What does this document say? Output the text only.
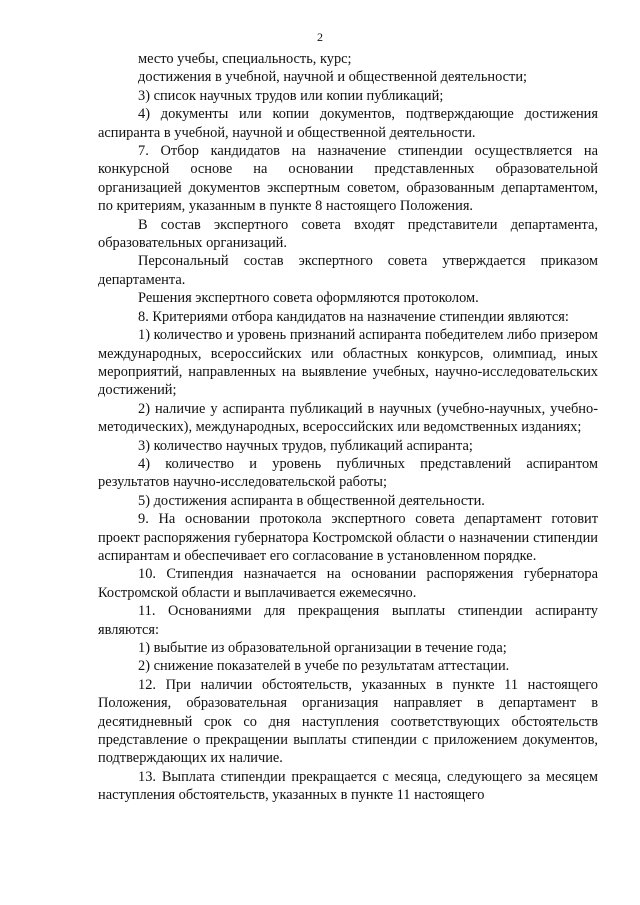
2

место учебы, специальность, курс;

достижения в учебной, научной и общественной деятельности;

3) список научных трудов или копии публикаций;

4) документы или копии документов, подтверждающие достижения аспиранта в учебной, научной и общественной деятельности.

7. Отбор кандидатов на назначение стипендии осуществляется на конкурсной основе на основании представленных образовательной организацией документов экспертным советом, образованным департаментом, по критериям, указанным в пункте 8 настоящего Положения.

В состав экспертного совета входят представители департамента, образовательных организаций.

Персональный состав экспертного совета утверждается приказом департамента.

Решения экспертного совета оформляются протоколом.

8. Критериями отбора кандидатов на назначение стипендии являются:

1) количество и уровень признаний аспиранта победителем либо призером международных, всероссийских или областных конкурсов, олимпиад, иных мероприятий, направленных на выявление учебных, научно-исследовательских достижений;

2) наличие у аспиранта публикаций в научных (учебно-научных, учебно-методических), международных, всероссийских или ведомственных изданиях;

3) количество научных трудов, публикаций аспиранта;

4) количество и уровень публичных представлений аспирантом результатов научно-исследовательской работы;

5) достижения аспиранта в общественной деятельности.

9. На основании протокола экспертного совета департамент готовит проект распоряжения губернатора Костромской области о назначении стипендии аспирантам и обеспечивает его согласование в установленном порядке.

10. Стипендия назначается на основании распоряжения губернатора Костромской области и выплачивается ежемесячно.

11. Основаниями для прекращения выплаты стипендии аспиранту являются:

1) выбытие из образовательной организации в течение года;

2) снижение показателей в учебе по результатам аттестации.

12. При наличии обстоятельств, указанных в пункте 11 настоящего Положения, образовательная организация направляет в департамент в десятидневный срок со дня наступления соответствующих обстоятельств представление о прекращении выплаты стипендии с приложением документов, подтверждающих их наличие.

13. Выплата стипендии прекращается с месяца, следующего за месяцем наступления обстоятельств, указанных в пункте 11 настоящего
